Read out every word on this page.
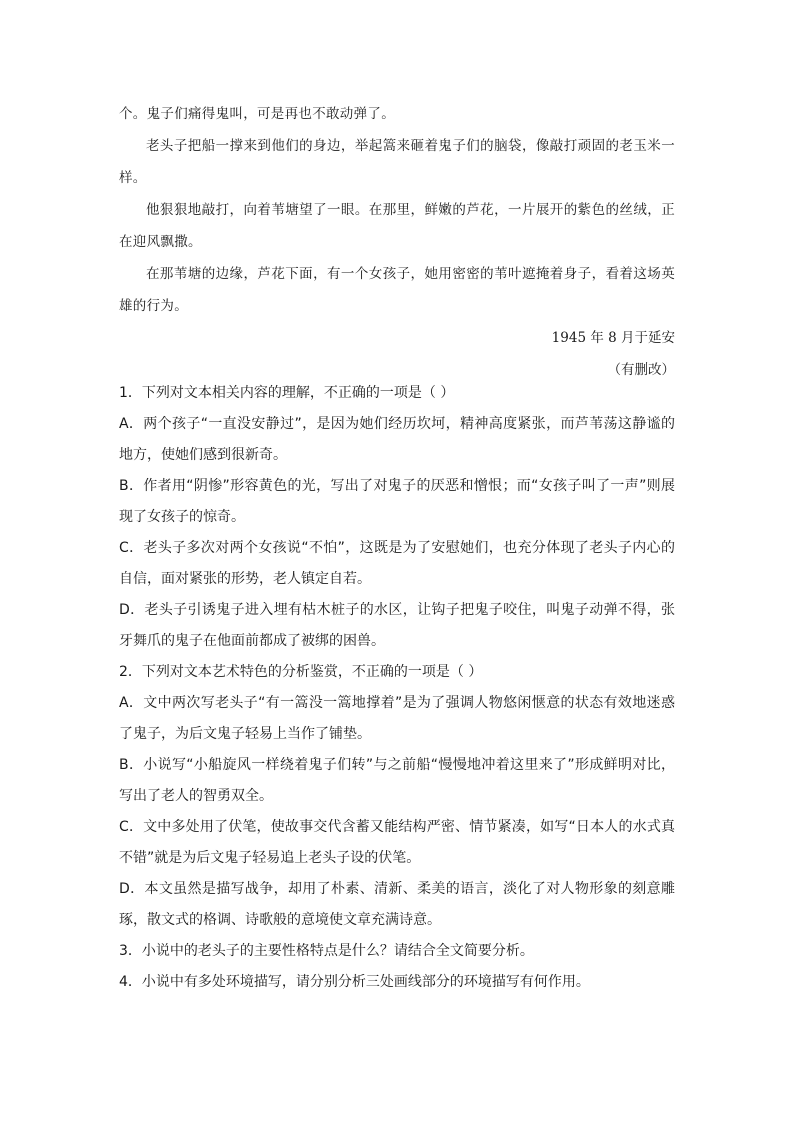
个。鬼子们痛得鬼叫，可是再也不敢动弹了。

老头子把船一撑来到他们的身边，举起篙来砸着鬼子们的脑袋，像敲打顽固的老玉米一样。

他狠狠地敲打，向着苇塘望了一眼。在那里，鲜嫩的芦花，一片展开的紫色的丝绒，正在迎风飘撒。

在那苇塘的边缘，芦花下面，有一个女孩子，她用密密的苇叶遮掩着身子，看着这场英雄的行为。

1945 年 8 月于延安
（有删改）

1．下列对文本相关内容的理解，不正确的一项是（ ）

A．两个孩子“一直没安静过”，是因为她们经历坎坷，精神高度紧张，而芦苇荡这静谧的地方，使她们感到很新奇。

B．作者用“阴惨”形容黄色的光，写出了对鬼子的厌恶和憎恨；而“女孩子叫了一声”则展现了女孩子的惊奇。

C．老头子多次对两个女孩说“不怕”，这既是为了安慰她们，也充分体现了老头子内心的自信，面对紧张的形势，老人镇定自若。

D．老头子引诱鬼子进入埋有枯木桩子的水区，让钩子把鬼子咬住，叫鬼子动弹不得，张牙舞爪的鬼子在他面前都成了被绑的困兽。

2．下列对文本艺术特色的分析鉴赏，不正确的一项是（ ）

A．文中两次写老头子“有一篙没一篙地撑着”是为了强调人物悠闲惬意的状态有效地迷惑了鬼子，为后文鬼子轻易上当作了铺垫。

B．小说写“小船旋风一样绕着鬼子们转”与之前船“慢慢地冲着这里来了”形成鲜明对比，写出了老人的智勇双全。

C．文中多处用了伏笔，使故事交代含蓄又能结构严密、情节紧凑，如写“日本人的水式真不错”就是为后文鬼子轻易追上老头子设的伏笔。

D．本文虽然是描写战争，却用了朴素、清新、柔美的语言，淡化了对人物形象的刻意雕琢，散文式的格调、诗歌般的意境使文章充满诗意。

3．小说中的老头子的主要性格特点是什么？请结合全文简要分析。

4．小说中有多处环境描写，请分别分析三处画线部分的环境描写有何作用。
